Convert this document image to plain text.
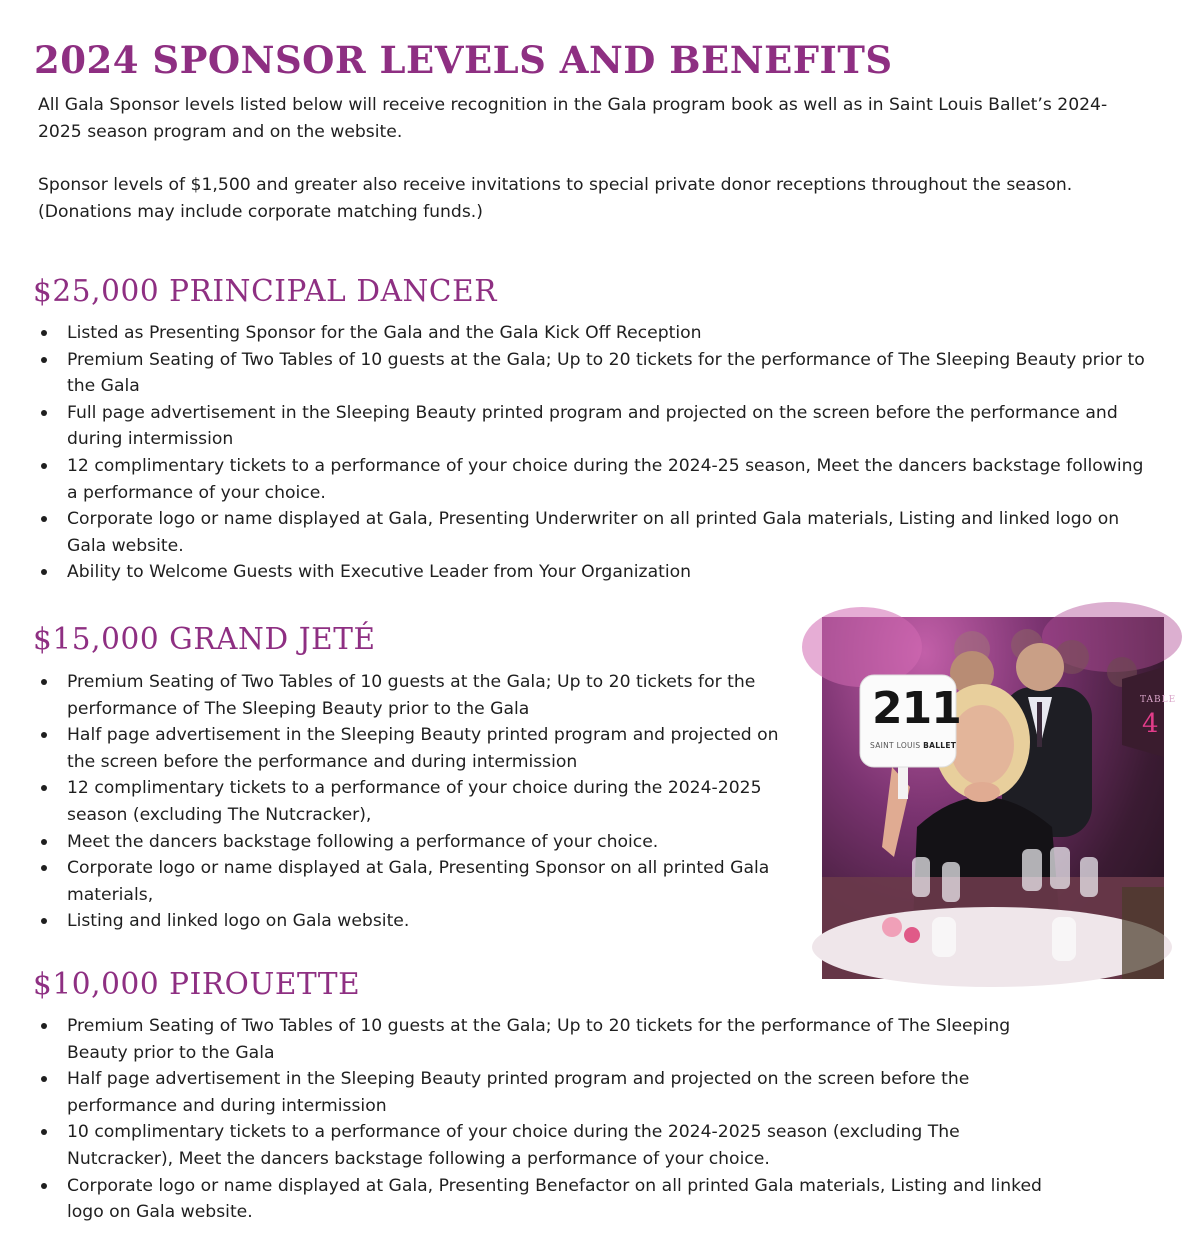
2024 SPONSOR LEVELS AND BENEFITS

All Gala Sponsor levels listed below will receive recognition in the Gala program book as well as in Saint Louis Ballet’s 2024-2025 season program and on the website.

Sponsor levels of $1,500 and greater also receive invitations to special private donor receptions throughout the season. (Donations may include corporate matching funds.)

$25,000 PRINCIPAL DANCER
Listed as Presenting Sponsor for the Gala and the Gala Kick Off Reception
Premium Seating of Two Tables of 10 guests at the Gala; Up to 20 tickets for the performance of The Sleeping Beauty prior to the Gala
Full page advertisement in the Sleeping Beauty printed program and projected on the screen before the performance and during intermission
12 complimentary tickets to a performance of your choice during the 2024-25 season, Meet the dancers backstage following a performance of your choice.
Corporate logo or name displayed at Gala, Presenting Underwriter on all printed Gala materials, Listing and linked logo on Gala website.
Ability to Welcome Guests with Executive Leader from Your Organization
$15,000 GRAND JETÉ
Premium Seating of Two Tables of 10 guests at the Gala; Up to 20 tickets for the performance of The Sleeping Beauty prior to the Gala
Half page advertisement in the Sleeping Beauty printed program and projected on the screen before the performance and during intermission
12 complimentary tickets to a performance of your choice during the 2024-2025 season (excluding The Nutcracker),
Meet the dancers backstage following a performance of your choice.
Corporate logo or name displayed at Gala, Presenting Sponsor on all printed Gala materials,
Listing and linked logo on Gala website.
211
SAINT LOUIS BALLET
TABLE
4
$10,000 PIROUETTE
Premium Seating of Two Tables of 10 guests at the Gala; Up to 20 tickets for the performance of The Sleeping Beauty prior to the Gala
Half page advertisement in the Sleeping Beauty printed program and projected on the screen before the performance and during intermission
10 complimentary tickets to a performance of your choice during the 2024-2025 season (excluding The Nutcracker), Meet the dancers backstage following a performance of your choice.
Corporate logo or name displayed at Gala, Presenting Benefactor on all printed Gala materials, Listing and linked logo on Gala website.
